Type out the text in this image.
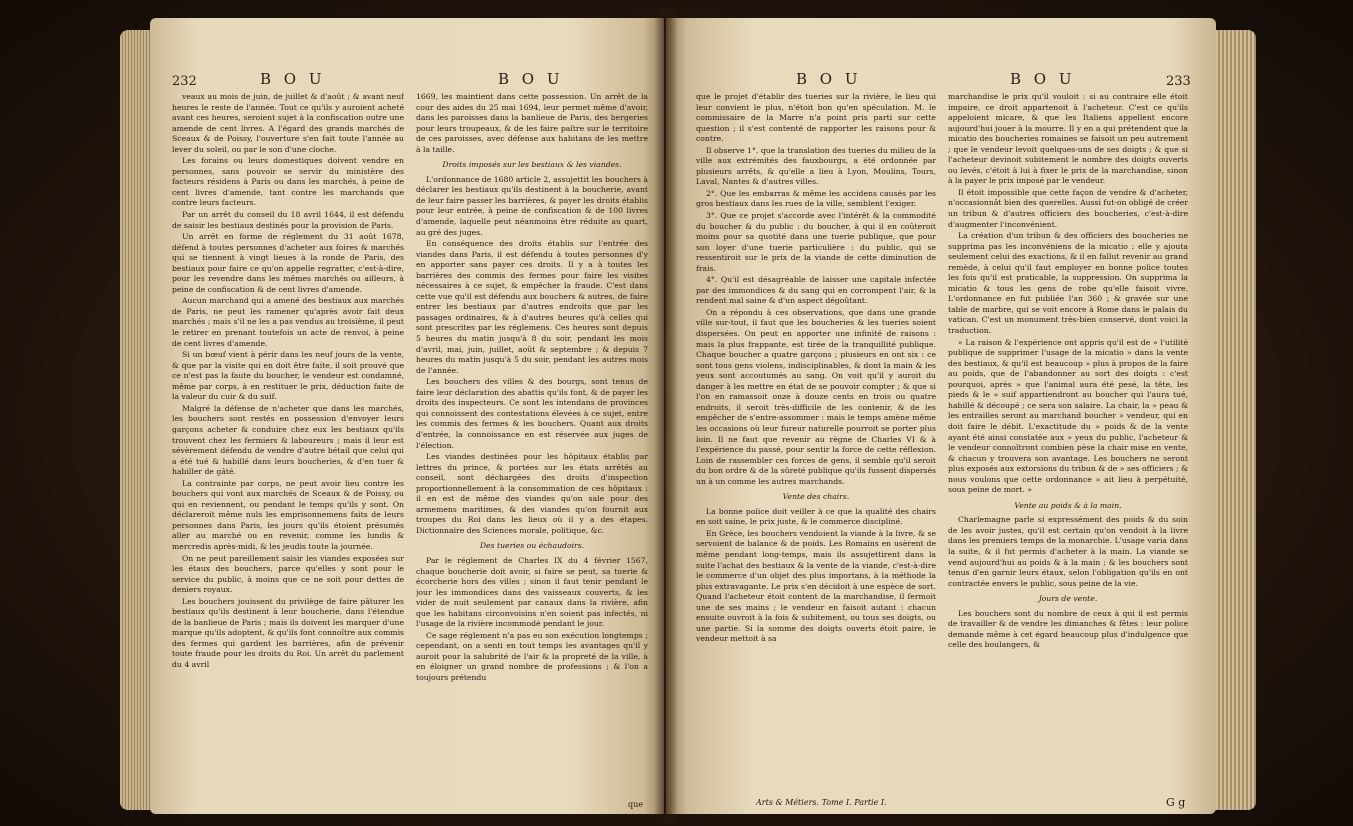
232	B O U	B O U

veaux au mois de juin, de juillet & d'août ; & avant neuf heures le reste de l'année. Tout ce qu'ils y auroient acheté avant ces heures, seroient sujet à la confiscation outre une amende de cent livres. A l'égard des grands marchés de Sceaux & de Poissy, l'ouverture s'en fait toute l'année au lever du soleil, ou par le son d'une cloche.

Les forains ou leurs domestiques doivent vendre en personnes, sans pouvoir se servir du ministère des facteurs résidens à Paris ou dans les marchés, à peine de cent livres d'amende, tant contre les marchands que contre leurs facteurs.

Par un arrêt du conseil du 18 avril 1644, il est défendu de saisir les bestiaux destinés pour la provision de Paris.

Un arrêt en forme de réglement du 31 août 1678, défend à toutes personnes d'acheter aux foires & marchés qui se tiennent à vingt lieues à la ronde de Paris, des bestiaux pour faire ce qu'on appelle regratter, c'est-à-dire, pour les revendre dans les mêmes marchés ou ailleurs, à peine de confiscation & de cent livres d'amende.

Aucun marchand qui a amené des bestiaux aux marchés de Paris, ne peut les ramener qu'après avoir fait deux marchés ; mais s'il ne les a pas vendus au troisième, il peut le retirer en prenant toutefois un acte de renvoi, à peine de cent livres d'amende.

Si un bœuf vient à périr dans les neuf jours de la vente, & que par la visite qui en doit être faite, il soit prouvé que ce n'est pas la faute du boucher, le vendeur est condamné, même par corps, à en restituer le prix, déduction faite de la valeur du cuir & du suif.

Malgré la défense de n'acheter que dans les marchés, les bouchers sont restés en possession d'envoyer leurs garçons acheter & conduire chez eux les bestiaux qu'ils trouvent chez les fermiers & laboureurs ; mais il leur est sévèrement défendu de vendre d'autre bétail que celui qui a été tué & habillé dans leurs boucheries, & d'en tuer & habiller de gâté.

La contrainte par corps, ne peut avoir lieu contre les bouchers qui vont aux marchés de Sceaux & de Poissy, ou qui en reviennent, ou pendant le temps qu'ils y sont. On déclareroit même nuls les emprisonnemens faits de leurs personnes dans Paris, les jours qu'ils étoient présumés aller au marché ou en revenir, comme les lundis & mercredis après-midi, & les jeudis toute la journée.

On ne peut pareillement saisir les viandes exposées sur les étaux des bouchers, parce qu'elles y sont pour le service du public, à moins que ce ne soit pour dettes de deniers royaux.

Les bouchers jouissent du privilège de faire pâturer les bestiaux qu'ils destinent à leur boucherie, dans l'étendue de la banlieue de Paris ; mais ils doivent les marquer d'une marque qu'ils adoptent, & qu'ils font connoître aux commis des fermes qui gardent les barrières, afin de prévenir toute fraude pour les droits du Roi. Un arrêt du parlement du 4 avril

1669, les maintient dans cette possession. Un arrêt de la cour des aides du 25 mai 1694, leur permet même d'avoir, dans les paroisses dans la banlieue de Paris, des bergeries pour leurs troupeaux, & de les faire paître sur le territoire de ces paroisses, avec défense aux habitans de les mettre à la taille.

Droits imposés sur les bestiaux & les viandes.

L'ordonnance de 1680 article 2, assujettit les bouchers à déclarer les bestiaux qu'ils destinent à la boucherie, avant de leur faire passer les barrières, & payer les droits établis pour leur entrée, à peine de confiscation & de 100 livres d'amende, laquelle peut néanmoins être réduite au quart, au gré des juges.

En conséquence des droits établis sur l'entrée des viandes dans Paris, il est défendu à toutes personnes d'y en apporter sans payer ces droits. Il y a à toutes les barrières des commis des fermes pour faire les visites nécessaires à ce sujet, & empêcher la fraude. C'est dans cette vue qu'il est défendu aux bouchers & autres, de faire entrer les bestiaux par d'autres endroits que par les passages ordinaires, & à d'autres heures qu'à celles qui sont prescrites par les réglemens. Ces heures sont depuis 5 heures du matin jusqu'à 8 du soir, pendant les mois d'avril, mai, juin, juillet, août & septembre ; & depuis 7 heures du matin jusqu'à 5 du soir, pendant les autres mois de l'année.

Les bouchers des villes & des bourgs, sont tenus de faire leur déclaration des abattis qu'ils font, & de payer les droits des inspecteurs. Ce sont les intendans de provinces qui connoissent des contestations élevées à ce sujet, entre les commis des fermes & les bouchers. Quant aux droits d'entrée, la connoissance en est réservée aux juges de l'élection.

Les viandes destinées pour les hôpitaux établis par lettres du prince, & portées sur les états arrêtés au conseil, sont déchargées des droits d'inspection proportionnellement à la consommation de ces hôpitaux : il en est de même des viandes qu'on sale pour des armemens maritimes, & des viandes qu'on fournit aux troupes du Roi dans les lieux où il y a des étapes. Dictionnaire des Sciences morale, politique, &c.

Des tueries ou échaudoirs.

Par le réglement de Charles IX du 4 février 1567, chaque boucherie doit avoir, si faire se peut, sa tuerie & écorcherie hors des villes ; sinon il faut tenir pendant le jour les immondices dans des vaisseaux couverts, & les vider de nuit seulement par canaux dans la rivière, afin que les habitans circonvoisins n'en soient pas infectés, ni l'usage de la rivière incommodé pendant le jour.

Ce sage réglement n'a pas eu son exécution longtemps ; cependant, on a senti en tout temps les avantages qu'il y auroit pour la salubrité de l'air & la propreté de la ville, à en éloigner un grand nombre de professions ; & l'on a toujours prétendu

que
B O U	B O U	233

que le projet d'établir des tueries sur la rivière, le lieu qui leur convient le plus, n'étoit bon qu'en spéculation. M. le commissaire de la Marre n'a point pris parti sur cette question ; il s'est contenté de rapporter les raisons pour & contre.

Il observe 1°. que la translation des tueries du milieu de la ville aux extrémités des fauxbourgs, a été ordonnée par plusieurs arrêts, & qu'elle a lieu à Lyon, Moulins, Tours, Laval, Nantes & d'autres villes.

2°. Que les embarras & même les accidens causés par les gros bestiaux dans les rues de la ville, semblent l'exiger.

3°. Que ce projet s'accorde avec l'intérêt & la commodité du boucher & du public : du boucher, à qui il en coûteroit moins pour sa quotité dans une tuerie publique, que pour son loyer d'une tuerie particulière : du public, qui se ressentiroit sur le prix de la viande de cette diminution de frais.

4°. Qu'il est désagréable de laisser une capitale infectée par des immondices & du sang qui en corrompent l'air, & la rendent mal saine & d'un aspect dégoûtant.

On a répondu à ces observations, que dans une grande ville sur-tout, il faut que les boucheries & les tueries soient dispersées. On peut en apporter une infinité de raisons : mais la plus frappante, est tirée de la tranquillité publique. Chaque boucher a quatre garçons ; plusieurs en ont six : ce sont tous gens violens, indisciplinables, & dont la main & les yeux sont accoutumés au sang. On voit qu'il y auroit du danger à les mettre en état de se pouvoir compter ; & que si l'on en ramassoit onze à douze cents en trois ou quatre endroits, il seroit très-difficile de les contenir, & de les empêcher de s'entre-assommer : mais le temps amène même les occasions où leur fureur naturelle pourroit se porter plus loin. Il ne faut que revenir au règne de Charles VI & à l'expérience du passé, pour sentir la force de cette réflexion. Loin de rassembler ces forces de gens, il semble qu'il seroit du bon ordre & de la sûreté publique qu'ils fussent dispersés un à un comme les autres marchands.

Vente des chairs.

La bonne police doit veiller à ce que la qualité des chairs en soit saine, le prix juste, & le commerce discipliné.

En Grèce, les bouchers vendoient la viande à la livre, & se servoient de balance & de poids. Les Romains en usèrent de même pendant long-temps, mais ils assujettirent dans la suite l'achat des bestiaux & la vente de la viande, c'est-à-dire le commerce d'un objet des plus importans, à la méthode la plus extravagante. Le prix s'en décidoit à une espèce de sort. Quand l'acheteur étoit content de la marchandise, il fermoit une de ses mains ; le vendeur en faisoit autant : chacun ensuite ouvroit à la fois & subitement, ou tous ses doigts, ou une partie. Si la somme des doigts ouverts étoit paire, le vendeur mettoit à sa

Arts & Métiers. Tome I. Partie I.

marchandise le prix qu'il vouloit : si au contraire elle étoit impaire, ce droit appartenoit à l'acheteur. C'est ce qu'ils appeloient micare, & que les Italiens appellent encore aujourd'hui jouer à la mourre. Il y en a qui prétendent que la micatio des boucheries romaines se faisoit un peu autrement ; que le vendeur levoit quelques-uns de ses doigts ; & que si l'acheteur devinoit subitement le nombre des doigts ouverts ou levés, c'étoit à lui à fixer le prix de la marchandise, sinon à la payer le prix imposé par le vendeur.

Il étoit impossible que cette façon de vendre & d'acheter, n'occasionnât bien des querelles. Aussi fut-on obligé de créer un tribun & d'autres officiers des boucheries, c'est-à-dire d'augmenter l'inconvénient.

La création d'un tribun & des officiers des boucheries ne supprima pas les inconvéniens de la micatio : elle y ajouta seulement celui des exactions, & il en fallut revenir au grand remède, à celui qu'il faut employer en bonne police toutes les fois qu'il est praticable, la suppression. On supprima la micatio & tous les gens de robe qu'elle faisoit vivre. L'ordonnance en fut publiée l'an 360 ; & gravée sur une table de marbre, qui se voit encore à Rome dans le palais du vatican. C'est un monument très-bien conservé, dont voici la traduction.

« La raison & l'expérience ont appris qu'il est de » l'utilité publique de supprimer l'usage de la micatio » dans la vente des bestiaux, & qu'il est beaucoup » plus à propos de la faire au poids, que de l'abandonner au sort des doigts : c'est pourquoi, après » que l'animal aura été pesé, la tête, les pieds & le » suif appartiendront au boucher qui l'aura tué, habillé & découpé ; ce sera son salaire. La chair, la » peau & les entrailles seront au marchand boucher » vendeur, qui en doit faire le débit. L'exactitude du » poids & de la vente ayant été ainsi constatée aux » yeux du public, l'acheteur & le vendeur connoîtront combien pèse la chair mise en vente, & chacun y trouvera son avantage. Les bouchers ne seront plus exposés aux extorsions du tribun & de » ses officiers ; & nous voulons que cette ordonnance » ait lieu à perpétuité, sous peine de mort. »

Vente au poids & à la main.

Charlemagne parle si expressément des poids & du soin de les avoir justes, qu'il est certain qu'on vendoit à la livre dans les premiers temps de la monarchie. L'usage varia dans la suite, & il fut permis d'acheter à la main. La viande se vend aujourd'hui au poids & à la main ; & les bouchers sont tenus d'en garnir leurs étaux, selon l'obligation qu'ils en ont contractée envers le public, sous peine de la vie.

Jours de vente.

Les bouchers sont du nombre de ceux à qui il est permis de travailler & de vendre les dimanches & fêtes : leur police demande même à cet égard beaucoup plus d'indulgence que celle des boulangers, &

G g
